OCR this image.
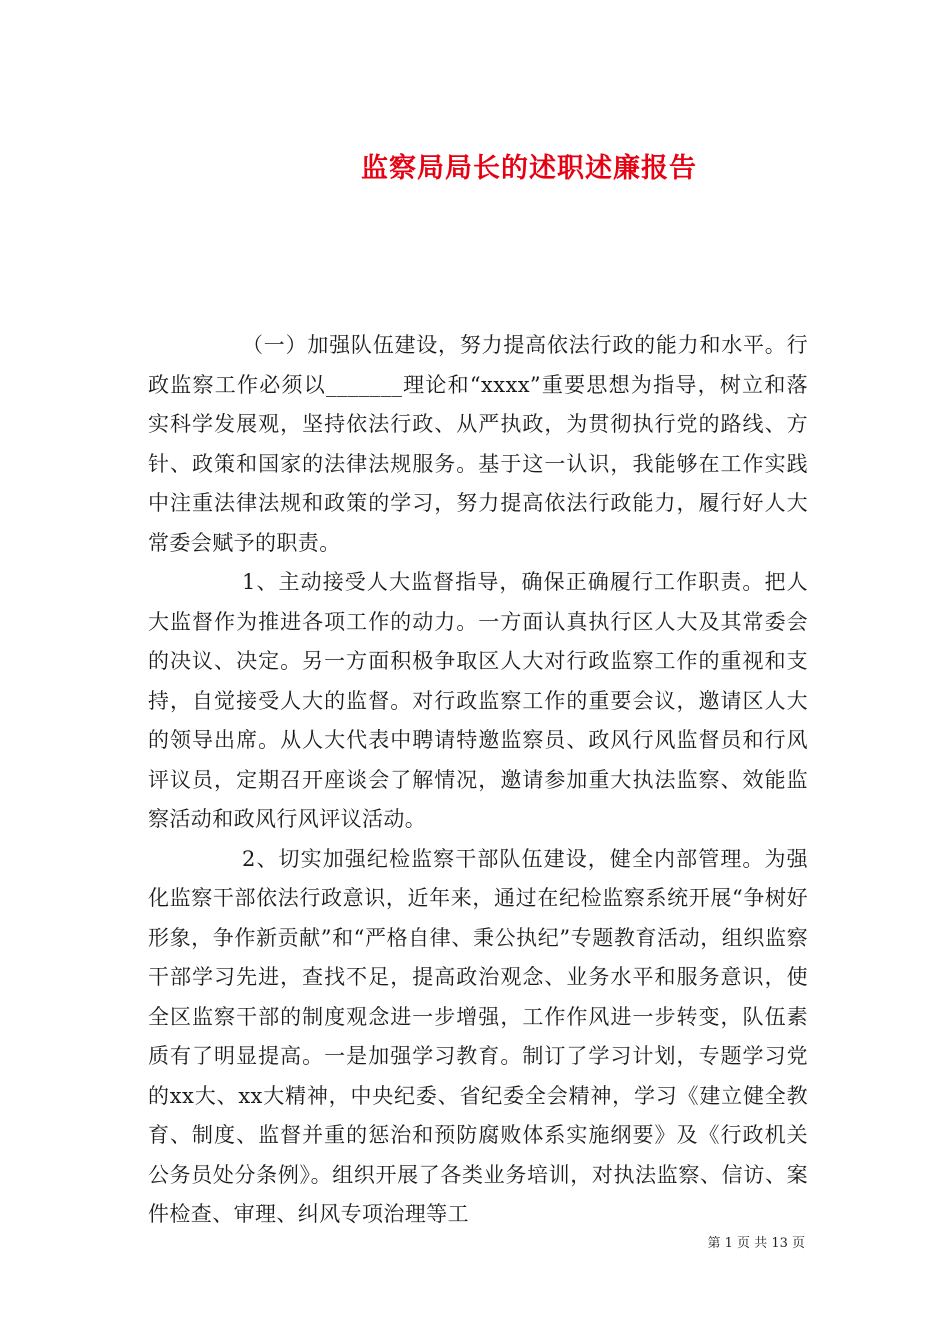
监察局局长的述职述廉报告

（一）加强队伍建设，努力提高依法行政的能力和水平。行政监察工作必须以_______理论和“xxxx”重要思想为指导，树立和落实科学发展观，坚持依法行政、从严执政，为贯彻执行党的路线、方针、政策和国家的法律法规服务。基于这一认识，我能够在工作实践中注重法律法规和政策的学习，努力提高依法行政能力，履行好人大常委会赋予的职责。

1、主动接受人大监督指导，确保正确履行工作职责。把人大监督作为推进各项工作的动力。一方面认真执行区人大及其常委会的决议、决定。另一方面积极争取区人大对行政监察工作的重视和支持，自觉接受人大的监督。对行政监察工作的重要会议，邀请区人大的领导出席。从人大代表中聘请特邀监察员、政风行风监督员和行风评议员，定期召开座谈会了解情况，邀请参加重大执法监察、效能监察活动和政风行风评议活动。

2、切实加强纪检监察干部队伍建设，健全内部管理。为强化监察干部依法行政意识，近年来，通过在纪检监察系统开展“争树好形象，争作新贡献”和“严格自律、秉公执纪”专题教育活动，组织监察干部学习先进，查找不足，提高政治观念、业务水平和服务意识，使全区监察干部的制度观念进一步增强，工作作风进一步转变，队伍素质有了明显提高。一是加强学习教育。制订了学习计划，专题学习党的xx大、xx大精神，中央纪委、省纪委全会精神，学习《建立健全教育、制度、监督并重的惩治和预防腐败体系实施纲要》及《行政机关公务员处分条例》。组织开展了各类业务培训，对执法监察、信访、案件检查、审理、纠风专项治理等工

第 1 页 共 13 页
